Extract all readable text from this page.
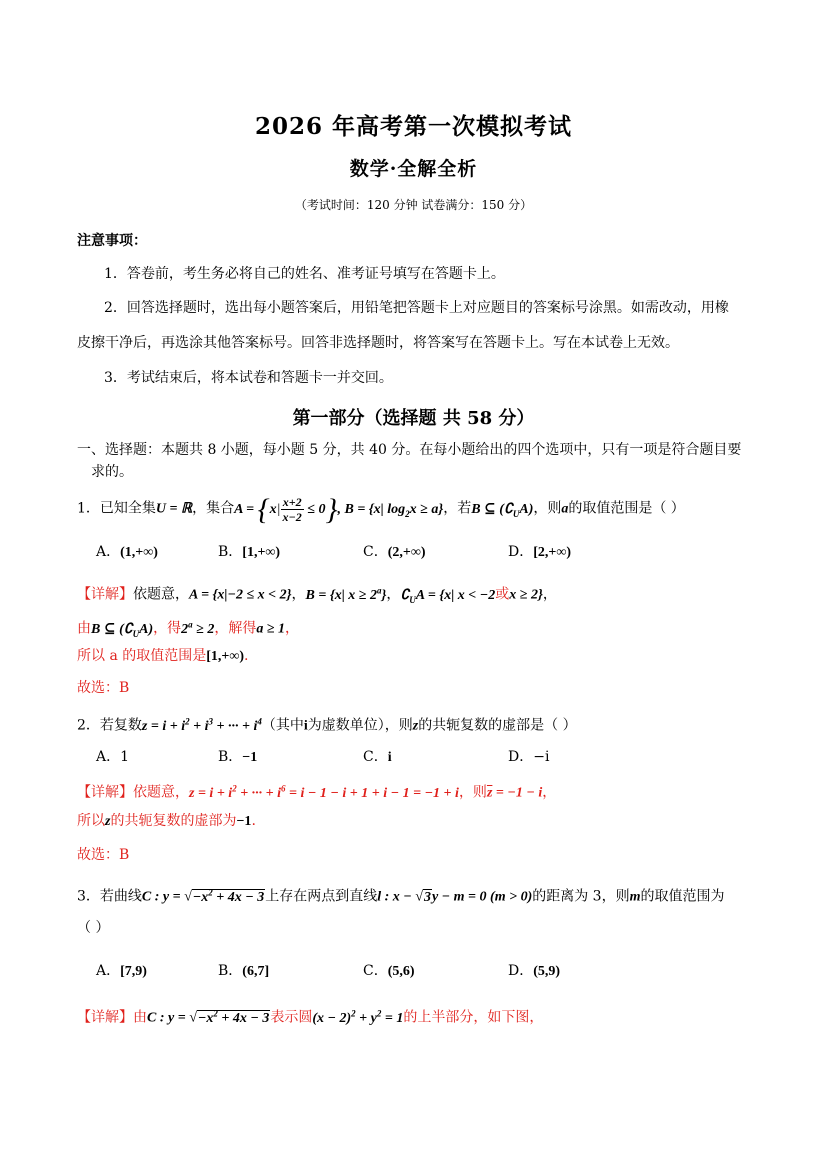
2026 年高考第一次模拟考试
数学·全解全析
（考试时间：120 分钟 试卷满分：150 分）
注意事项：
1．答卷前，考生务必将自己的姓名、准考证号填写在答题卡上。
2．回答选择题时，选出每小题答案后，用铅笔把答题卡上对应题目的答案标号涂黑。如需改动，用橡
皮擦干净后，再选涂其他答案标号。回答非选择题时，将答案写在答题卡上。写在本试卷上无效。
3．考试结束后，将本试卷和答题卡一并交回。
第一部分（选择题 共 58 分）
一、选择题：本题共 8 小题，每小题 5 分，共 40 分。在每小题给出的四个选项中，只有一项是符合题目要
求的。
1．已知全集U = ℝ，集合$A = \{x| \frac{x+2}{x-2} \le 0\}$, B = {x| $\log_2x \ge a$}，若B ⊆ $(∁_UA)$，则a的取值范围是（ ）
A．(1,+∞)	B．[1,+∞)	C．(2,+∞)	D．[2,+∞)
【详解】依题意，A = {x|−2 ≤ x < 2}，B = {x| $x \ge 2^a$}，$∁_UA = \{x|$ x < −2或x ≥ 2}，
由B ⊆ $(∁_UA)$，得$2^a \ge 2$，解得a ≥ 1，
所以 a 的取值范围是[1,+∞).
故选：B
2．若复数$z = i + i^2 + i^3$ + ··· + $i^4$（其中i为虚数单位），则z的共轭复数的虚部是（ ）
A．1	B．−1	C．i	D．−i
【详解】依题意，$z = i + i^2$ + ··· + $i^6 = i - 1 - i + 1 + i - 1 = -1 + i$，则$\overline{z} = -1 - i$，
所以z的共轭复数的虚部为−1.
故选：B
3．若曲线C : $y = √-x^2 + 4x - 3$上存在两点到直线l : x − √3y − m = 0 (m > 0)的距离为 3，则m的取值范围为
（ ）
A．[7,9)	B．(6,7]	C．(5,6)	D．(5,9)
【详解】由C : $y = √-x^2 + 4x - 3$表示圆$(x - 2)^2 + y^2 = 1$的上半部分，如下图，
